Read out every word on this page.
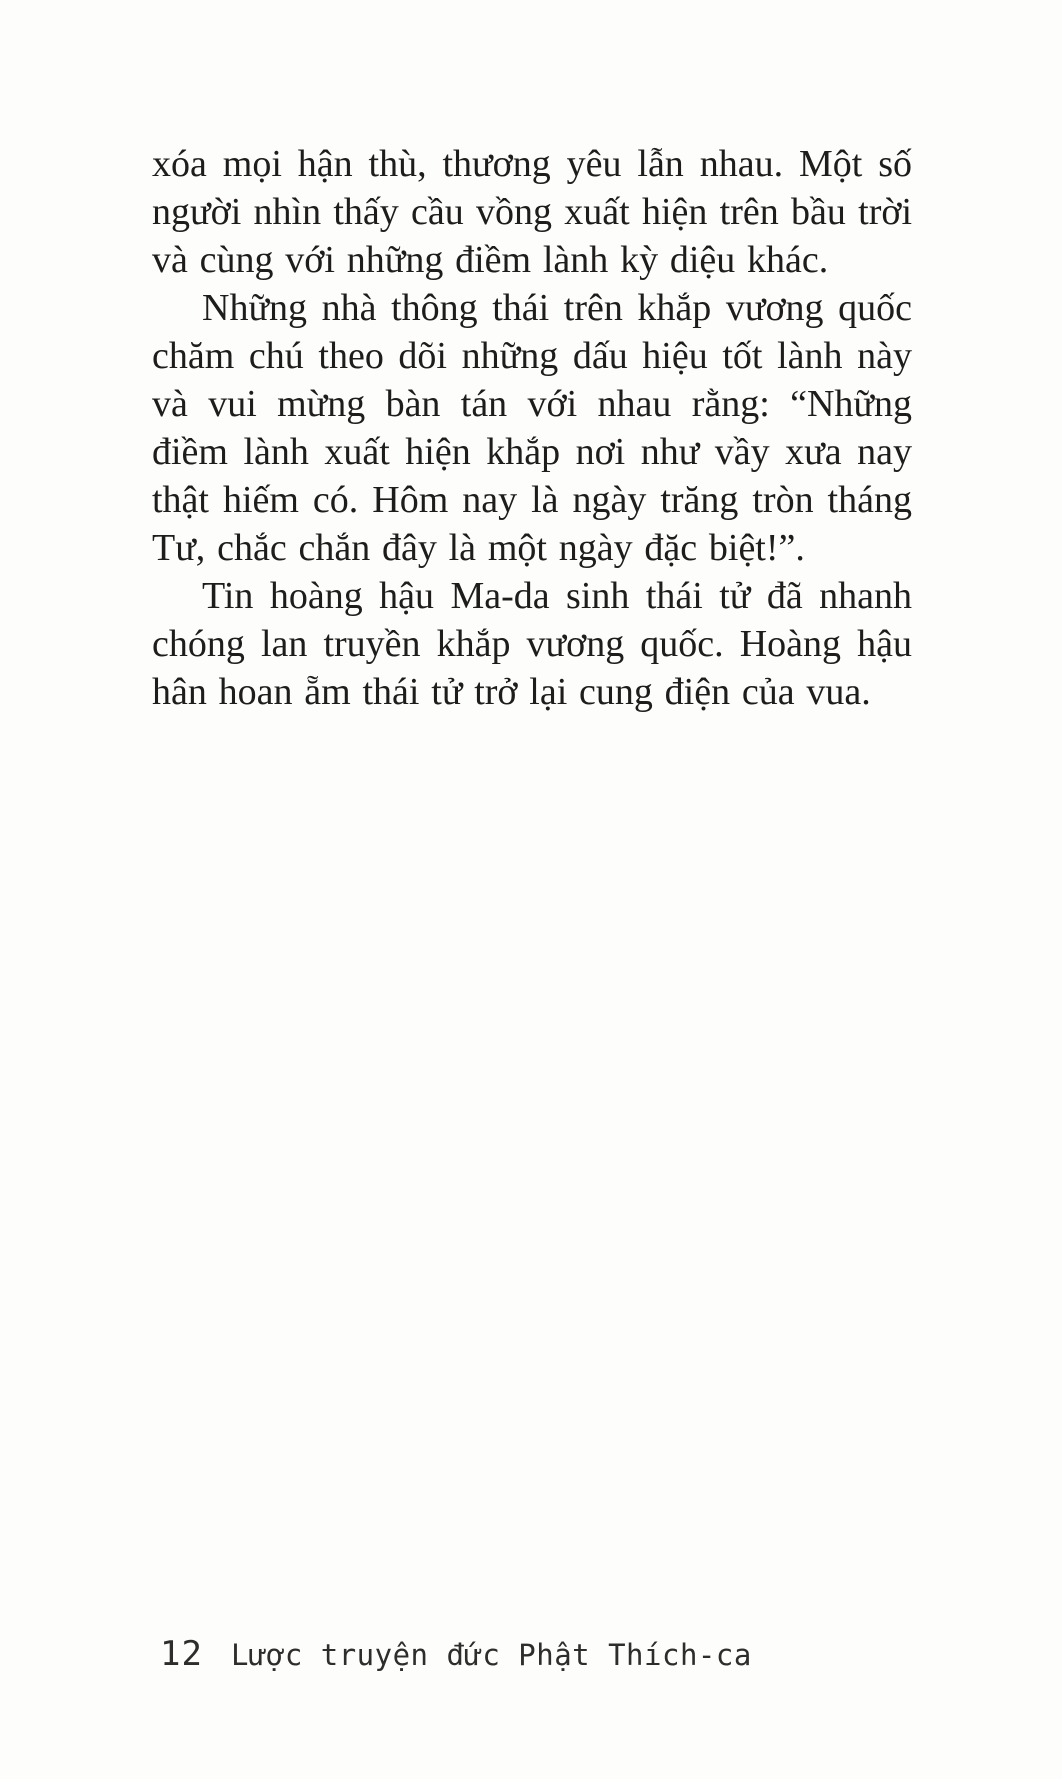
xóa mọi hận thù, thương yêu lẫn nhau. Một số người nhìn thấy cầu vồng xuất hiện trên bầu trời và cùng với những điềm lành kỳ diệu khác.

Những nhà thông thái trên khắp vương quốc chăm chú theo dõi những dấu hiệu tốt lành này và vui mừng bàn tán với nhau rằng: “Những điềm lành xuất hiện khắp nơi như vầy xưa nay thật hiếm có. Hôm nay là ngày trăng tròn tháng Tư, chắc chắn đây là một ngày đặc biệt!”.

Tin hoàng hậu Ma-da sinh thái tử đã nhanh chóng lan truyền khắp vương quốc. Hoàng hậu hân hoan ẵm thái tử trở lại cung điện của vua.

12 Lược truyện đức Phật Thích-ca
